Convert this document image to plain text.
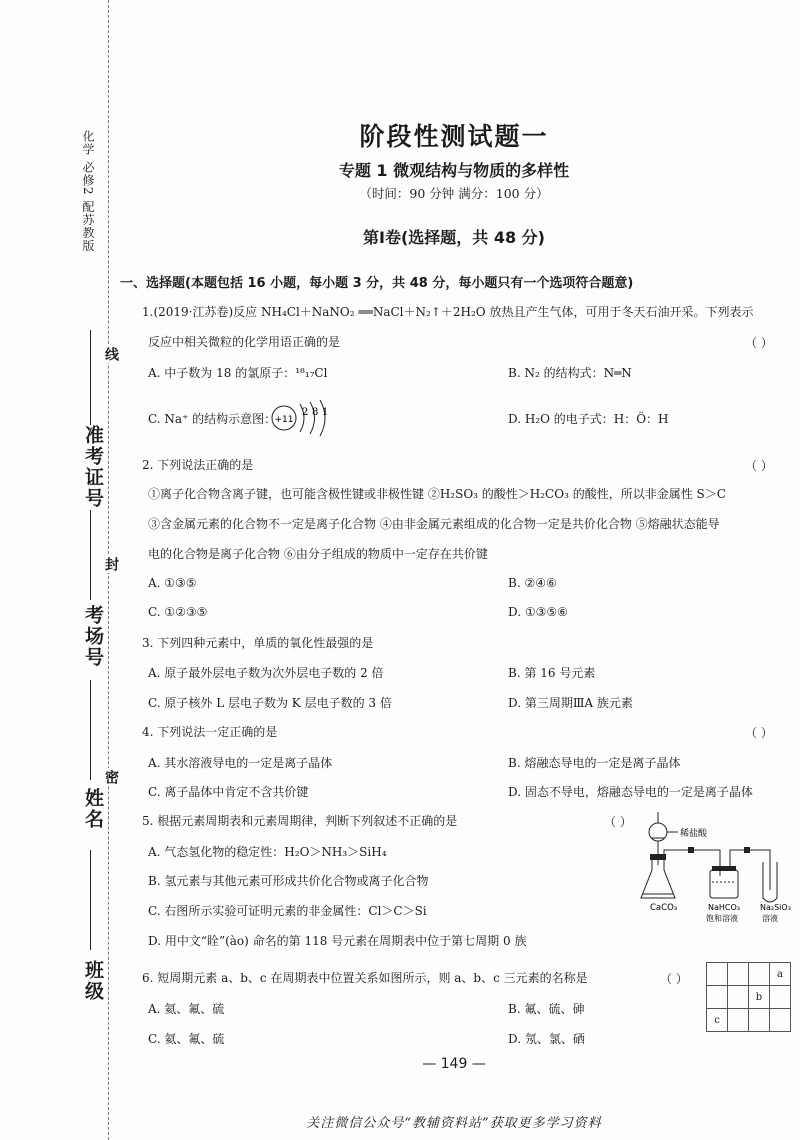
化学 必修2 配苏教版
准考证号
考场号
姓名
班级
线
封
密
阶段性测试题一
专题 1 微观结构与物质的多样性
（时间：90 分钟 满分：100 分）
第Ⅰ卷(选择题，共 48 分)
一、选择题(本题包括 16 小题，每小题 3 分，共 48 分，每小题只有一个选项符合题意)
1.(2019·江苏卷)反应 NH₄Cl＋NaNO₂ ══NaCl＋N₂↑＋2H₂O 放热且产生气体，可用于冬天石油开采。下列表示
反应中相关微粒的化学用语正确的是	（ ）
A. 中子数为 18 的氯原子：¹⁸₁₇Cl	B. N₂ 的结构式：N═N
C. Na⁺ 的结构示意图：
+11
2 8 1	D. H₂O 的电子式：H：Ö：H
2. 下列说法正确的是	（ ）
①离子化合物含离子键，也可能含极性键或非极性键 ②H₂SO₃ 的酸性＞H₂CO₃ 的酸性，所以非金属性 S＞C
③含金属元素的化合物不一定是离子化合物 ④由非金属元素组成的化合物一定是共价化合物 ⑤熔融状态能导
电的化合物是离子化合物 ⑥由分子组成的物质中一定存在共价键
A. ①③⑤	B. ②④⑥
C. ①②③⑤	D. ①③⑤⑥
3. 下列四种元素中，单质的氧化性最强的是
A. 原子最外层电子数为次外层电子数的 2 倍	B. 第 16 号元素
C. 原子核外 L 层电子数为 K 层电子数的 3 倍	D. 第三周期ⅢA 族元素
4. 下列说法一定正确的是	（ ）
A. 其水溶液导电的一定是离子晶体	B. 熔融态导电的一定是离子晶体
C. 离子晶体中肯定不含共价键	D. 固态不导电，熔融态导电的一定是离子晶体
5. 根据元素周期表和元素周期律，判断下列叙述不正确的是	（ ）
A. 气态氢化物的稳定性：H₂O＞NH₃＞SiH₄
B. 氢元素与其他元素可形成共价化合物或离子化合物
C. 右图所示实验可证明元素的非金属性：Cl＞C＞Si
D. 用中文“䀬”(ào) 命名的第 118 号元素在周期表中位于第七周期 0 族
稀盐酸
CaCO₃	NaHCO₃
饱和溶液
Na₂SiO₃
溶液
6. 短周期元素 a、b、c 在周期表中位置关系如图所示，则 a、b、c 三元素的名称是	（ ）
A. 氦、氟、硫	B. 氟、硫、砷
C. 氦、氟、硫	D. 氖、氯、硒
			a
		b	
c			
— 149 —
关注微信公众号“教辅资料站”获取更多学习资料
